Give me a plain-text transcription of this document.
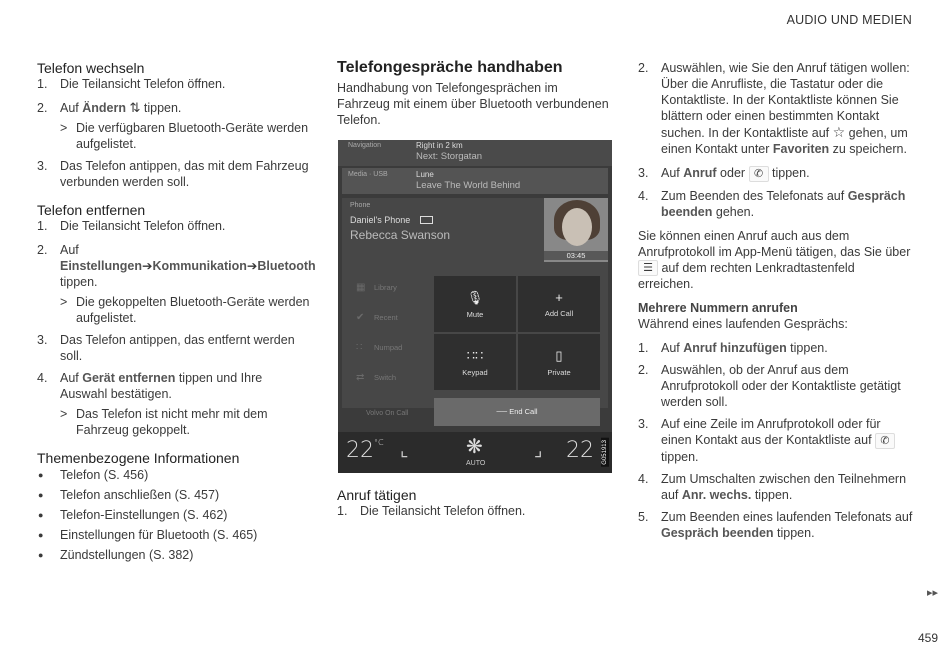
AUDIO UND MEDIEN
Telefon wechseln
1. Die Teilansicht Telefon öffnen.
2. Auf Ändern ⇅ tippen.
> Die verfügbaren Bluetooth-Geräte werden aufgelistet.
3. Das Telefon antippen, das mit dem Fahrzeug verbunden werden soll.
Telefon entfernen
1. Die Teilansicht Telefon öffnen.
2. Auf Einstellungen➔Kommunikation➔Bluetooth tippen.
> Die gekoppelten Bluetooth-Geräte werden aufgelistet.
3. Das Telefon antippen, das entfernt werden soll.
4. Auf Gerät entfernen tippen und Ihre Auswahl bestätigen.
> Das Telefon ist nicht mehr mit dem Fahrzeug gekoppelt.
Themenbezogene Informationen
● Telefon (S. 456)
● Telefon anschließen (S. 457)
● Telefon-Einstellungen (S. 462)
● Einstellungen für Bluetooth (S. 465)
● Zündstellungen (S. 382)
Telefongespräche handhaben

Handhabung von Telefongesprächen im Fahrzeug mit einem über Bluetooth verbundenen Telefon.

Navigation	Right in 2 km
Next: Storgatan
Media · USB	Lune
Leave The World Behind
Phone
Daniel's Phone
Rebecca Swanson
03:45
▦ Library
✔ Recent
∷ Numpad
⇄ Switch
🎙
Mute
+
Add Call
∷∷
Keypad
▯
Private
Volvo On Call	── End Call
$22^{^\circ C}$ ⌞	❋
AUTO
⌟ 22 G051913
Anruf tätigen
1. Die Teilansicht Telefon öffnen.
2. Auswählen, wie Sie den Anruf tätigen wollen: Über die Anrufliste, die Tastatur oder die Kontaktliste. In der Kontaktliste können Sie blättern oder einen bestimmten Kontakt suchen. In der Kontaktliste auf ☆ gehen, um einen Kontakt unter Favoriten zu speichern.
3. Auf Anruf oder ✆ tippen.
4. Zum Beenden des Telefonats auf Gespräch beenden gehen.

Sie können einen Anruf auch aus dem Anrufprotokoll im App-Menü tätigen, das Sie über ☰ auf dem rechten Lenkradtastenfeld erreichen.

Mehrere Nummern anrufen

Während eines laufenden Gesprächs:

1. Auf Anruf hinzufügen tippen.
2. Auswählen, ob der Anruf aus dem Anrufprotokoll oder der Kontaktliste getätigt werden soll.
3. Auf eine Zeile im Anrufprotokoll oder für einen Kontakt aus der Kontaktliste auf ✆ tippen.
4. Zum Umschalten zwischen den Teilnehmern auf Anr. wechs. tippen.
5. Zum Beenden eines laufenden Telefonats auf Gespräch beenden tippen.
▸▸
459
